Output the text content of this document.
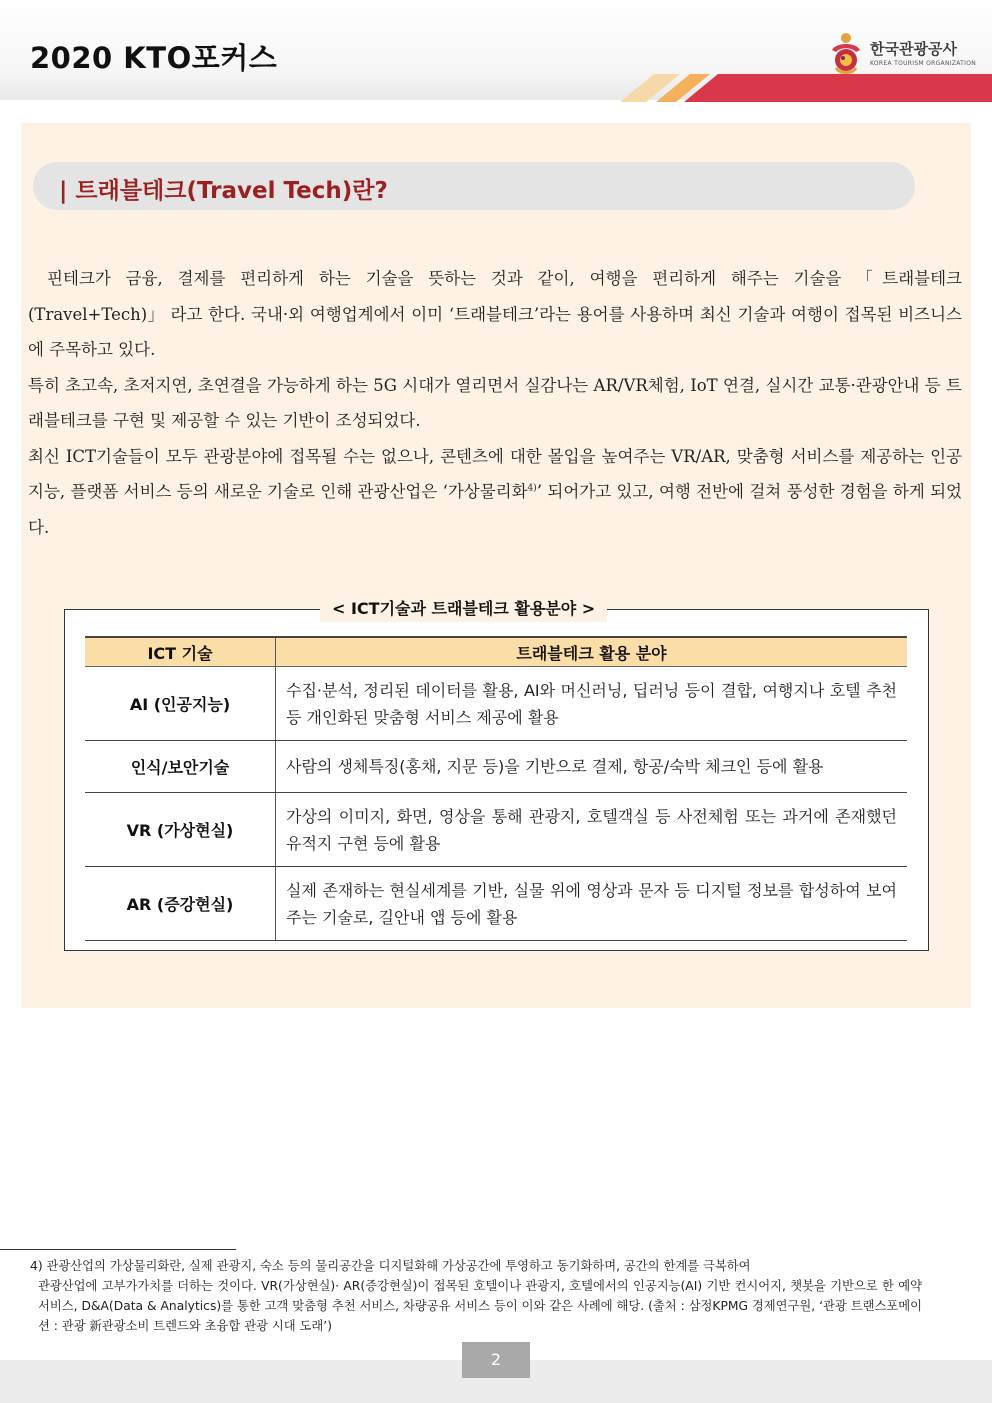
2020 KTO포커스	한국관광공사
KOREA TOURISM ORGANIZATION
| 트래블테크(Travel Tech)란?

핀테크가 금융, 결제를 편리하게 하는 기술을 뜻하는 것과 같이, 여행을 편리하게 해주는 기술을 「트래블테크(Travel+Tech)」 라고 한다. 국내·외 여행업계에서 이미 ‘트래블테크’라는 용어를 사용하며 최신 기술과 여행이 접목된 비즈니스에 주목하고 있다.

특히 초고속, 초저지연, 초연결을 가능하게 하는 5G 시대가 열리면서 실감나는 AR/VR체험, IoT 연결, 실시간 교통·관광안내 등 트래블테크를 구현 및 제공할 수 있는 기반이 조성되었다.

최신 ICT기술들이 모두 관광분야에 접목될 수는 없으나, 콘텐츠에 대한 몰입을 높여주는 VR/AR, 맞춤형 서비스를 제공하는 인공지능, 플랫폼 서비스 등의 새로운 기술로 인해 관광산업은 ‘가상물리화$^{4)}$’ 되어가고 있고, 여행 전반에 걸쳐 풍성한 경험을 하게 되었다.

< ICT기술과 트래블테크 활용분야 >
ICT 기술	트래블테크 활용 분야
AI (인공지능)	수집·분석, 정리된 데이터를 활용, AI와 머신러닝, 딥러닝 등이 결합, 여행지나 호텔 추천 등 개인화된 맞춤형 서비스 제공에 활용
인식/보안기술	사람의 생체특징(홍채, 지문 등)을 기반으로 결제, 항공/숙박 체크인 등에 활용
VR (가상현실)	가상의 이미지, 화면, 영상을 통해 관광지, 호텔객실 등 사전체험 또는 과거에 존재했던 유적지 구현 등에 활용
AR (증강현실)	실제 존재하는 현실세계를 기반, 실물 위에 영상과 문자 등 디지털 정보를 합성하여 보여주는 기술로, 길안내 앱 등에 활용

4) 관광산업의 가상물리화란, 실제 관광지, 숙소 등의 물리공간을 디지털화해 가상공간에 투영하고 동기화하며, 공간의 한계를 극복하여

관광산업에 고부가가치를 더하는 것이다. VR(가상현실)· AR(증강현실)이 접목된 호텔이나 관광지, 호텔에서의 인공지능(AI) 기반 컨시어지, 챗봇을 기반으로 한 예약 서비스, D&A(Data & Analytics)를 통한 고객 맞춤형 추천 서비스, 차량공유 서비스 등이 이와 같은 사례에 해당. (출처 : 삼정KPMG 경제연구원, ‘관광 트랜스포메이션 : 관광 新관광소비 트렌드와 초융합 관광 시대 도래’)

2
